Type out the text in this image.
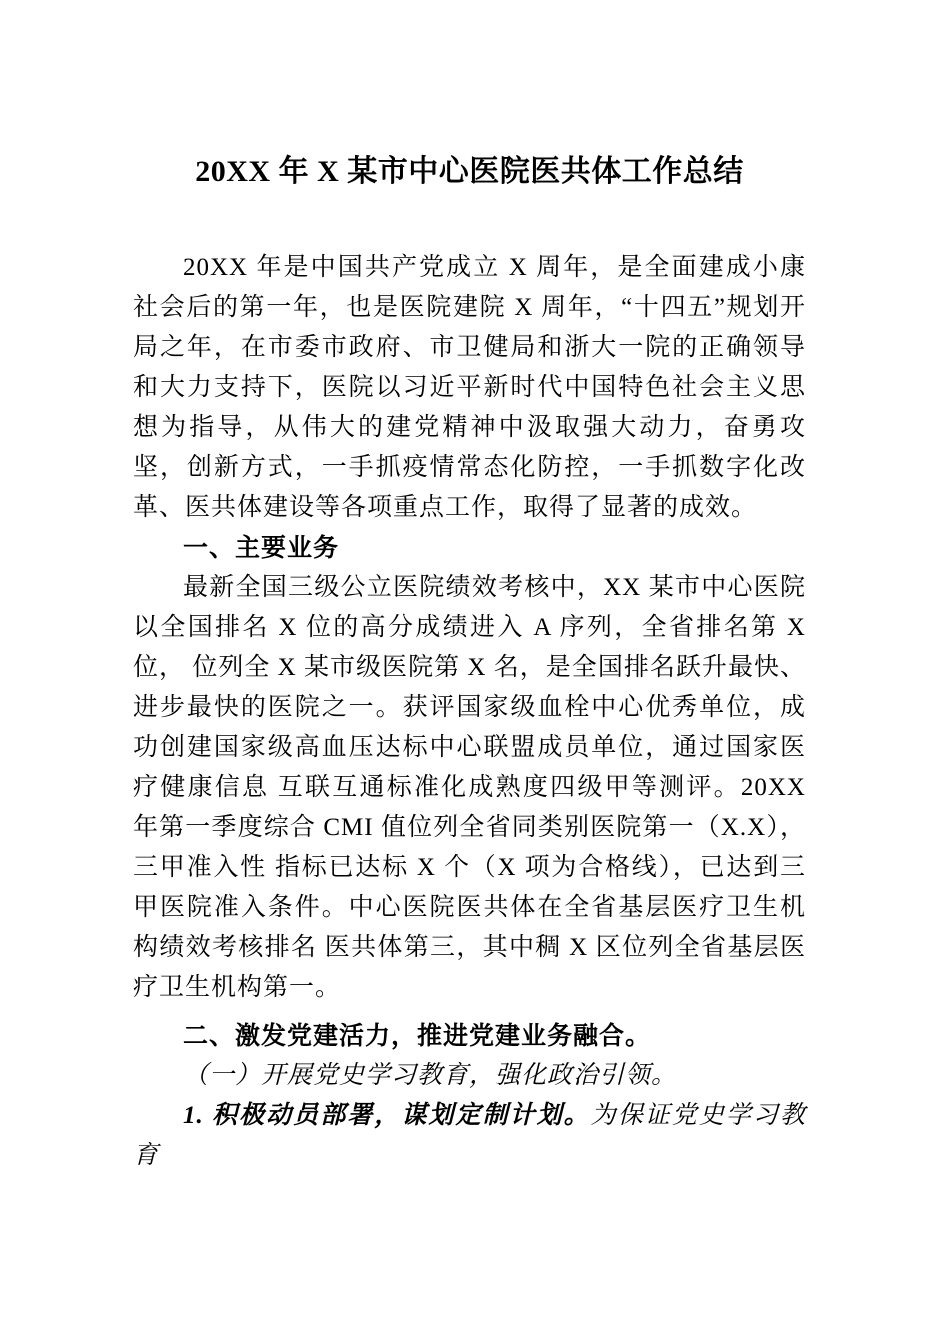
20XX 年 X 某市中心医院医共体工作总结

20XX 年是中国共产党成立 X 周年，是全面建成小康社会后的第一年，也是医院建院 X 周年，“十四五”规划开局之年，在市委市政府、市卫健局和浙大一院的正确领导和大力支持下，医院以习近平新时代中国特色社会主义思想为指导，从伟大的建党精神中汲取强大动力，奋勇攻坚，创新方式，一手抓疫情常态化防控，一手抓数字化改革、医共体建设等各项重点工作，取得了显著的成效。

一、主要业务

最新全国三级公立医院绩效考核中，XX 某市中心医院以全国排名 X 位的高分成绩进入 A 序列，全省排名第 X 位， 位列全 X 某市级医院第 X 名，是全国排名跃升最快、进步最快的医院之一。获评国家级血栓中心优秀单位，成功创建国家级高血压达标中心联盟成员单位，通过国家医疗健康信息 互联互通标准化成熟度四级甲等测评。20XX 年第一季度综合 CMI 值位列全省同类别医院第一（X.X），三甲准入性 指标已达标 X 个（X 项为合格线），已达到三甲医院准入条件。中心医院医共体在全省基层医疗卫生机构绩效考核排名 医共体第三，其中稠 X 区位列全省基层医疗卫生机构第一。

二、激发党建活力，推进党建业务融合。

（一）开展党史学习教育，强化政治引领。

1. 积极动员部署，谋划定制计划。为保证党史学习教育
